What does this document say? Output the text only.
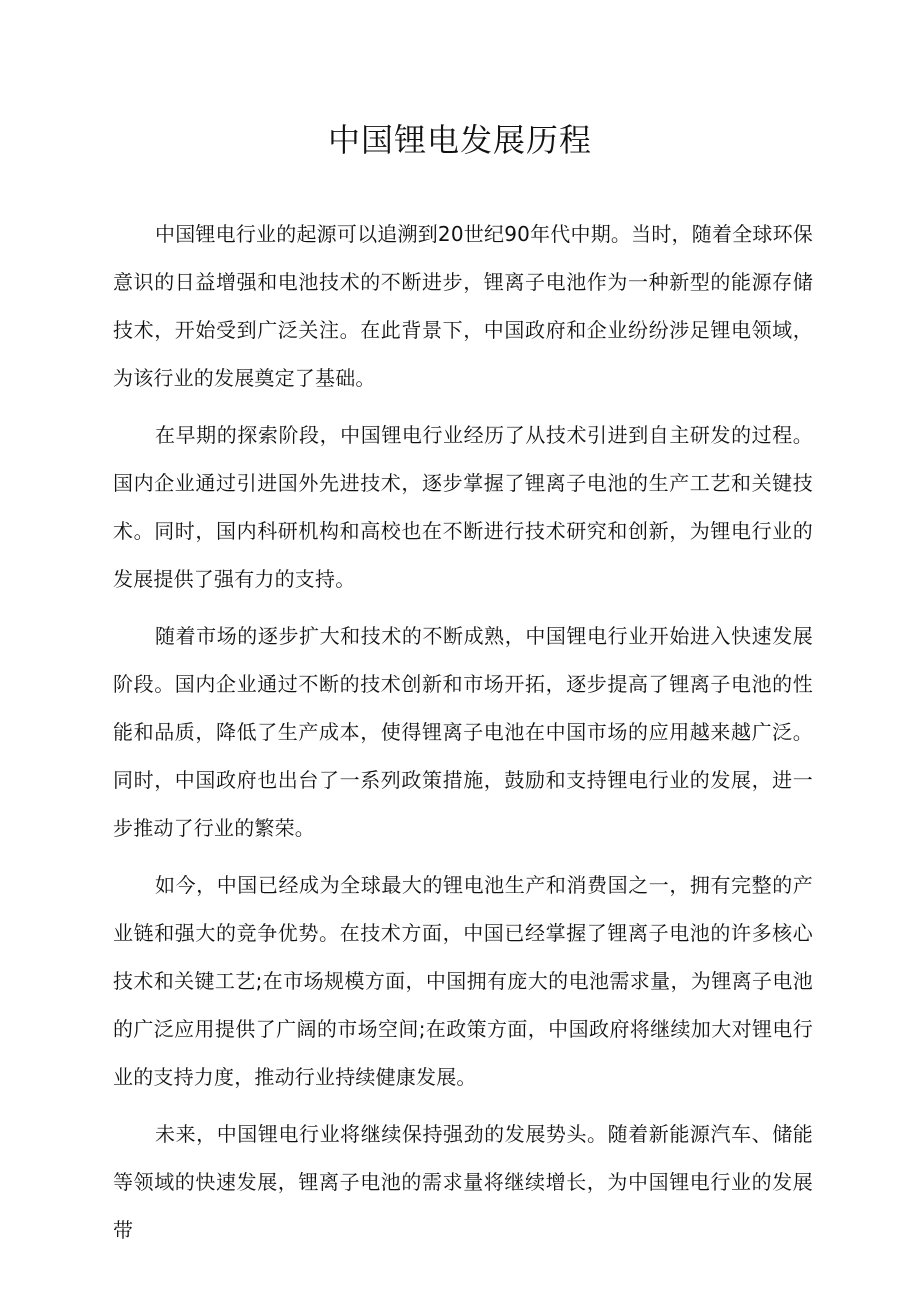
中国锂电发展历程

中国锂电行业的起源可以追溯到20世纪90年代中期。当时，随着全球环保意识的日益增强和电池技术的不断进步，锂离子电池作为一种新型的能源存储技术，开始受到广泛关注。在此背景下，中国政府和企业纷纷涉足锂电领域，为该行业的发展奠定了基础。

在早期的探索阶段，中国锂电行业经历了从技术引进到自主研发的过程。国内企业通过引进国外先进技术，逐步掌握了锂离子电池的生产工艺和关键技术。同时，国内科研机构和高校也在不断进行技术研究和创新，为锂电行业的发展提供了强有力的支持。

随着市场的逐步扩大和技术的不断成熟，中国锂电行业开始进入快速发展阶段。国内企业通过不断的技术创新和市场开拓，逐步提高了锂离子电池的性能和品质，降低了生产成本，使得锂离子电池在中国市场的应用越来越广泛。同时，中国政府也出台了一系列政策措施，鼓励和支持锂电行业的发展，进一步推动了行业的繁荣。

如今，中国已经成为全球最大的锂电池生产和消费国之一，拥有完整的产业链和强大的竞争优势。在技术方面，中国已经掌握了锂离子电池的许多核心技术和关键工艺;在市场规模方面，中国拥有庞大的电池需求量，为锂离子电池的广泛应用提供了广阔的市场空间;在政策方面，中国政府将继续加大对锂电行业的支持力度，推动行业持续健康发展。

未来，中国锂电行业将继续保持强劲的发展势头。随着新能源汽车、储能等领域的快速发展，锂离子电池的需求量将继续增长，为中国锂电行业的发展带
